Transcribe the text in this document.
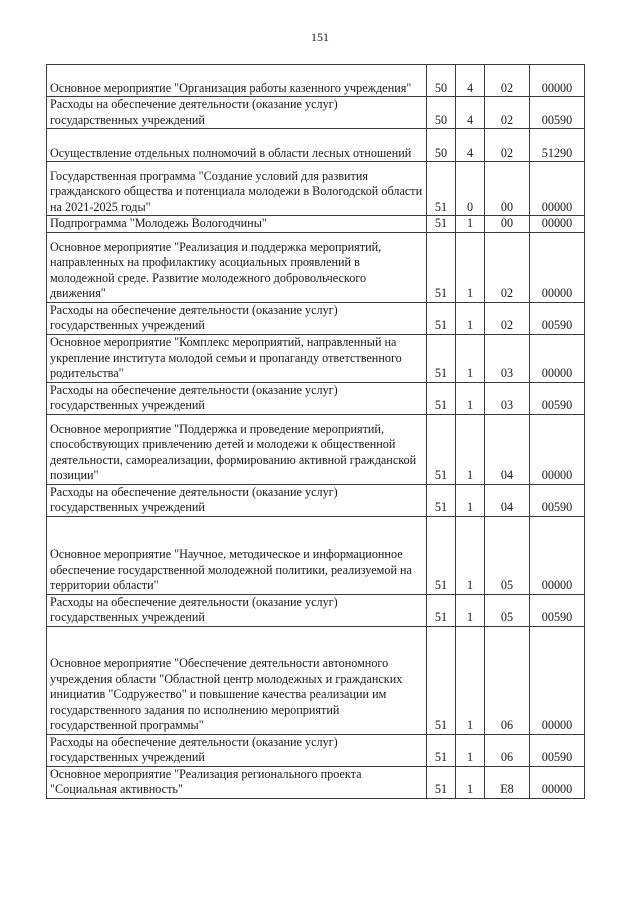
151
Основное мероприятие "Организация работы казенного учреждения"	50	4	02	00000
Расходы на обеспечение деятельности (оказание услуг) государственных учреждений	50	4	02	00590
Осуществление отдельных полномочий в области лесных отношений	50	4	02	51290
Государственная программа "Создание условий для развития гражданского общества и потенциала молодежи в Вологодской области на 2021-2025 годы"	51	0	00	00000
Подпрограмма "Молодежь Вологодчины"	51	1	00	00000
Основное мероприятие "Реализация и поддержка мероприятий, направленных на профилактику асоциальных проявлений в молодежной среде. Развитие молодежного добровольческого движения"	51	1	02	00000
Расходы на обеспечение деятельности (оказание услуг) государственных учреждений	51	1	02	00590
Основное мероприятие "Комплекс мероприятий, направленный на укрепление института молодой семьи и пропаганду ответственного родительства"	51	1	03	00000
Расходы на обеспечение деятельности (оказание услуг) государственных учреждений	51	1	03	00590
Основное мероприятие "Поддержка и проведение мероприятий, способствующих привлечению детей и молодежи к общественной деятельности, самореализации, формированию активной гражданской позиции"	51	1	04	00000
Расходы на обеспечение деятельности (оказание услуг) государственных учреждений	51	1	04	00590
Основное мероприятие "Научное, методическое и информационное обеспечение государственной молодежной политики, реализуемой на территории области"	51	1	05	00000
Расходы на обеспечение деятельности (оказание услуг) государственных учреждений	51	1	05	00590
Основное мероприятие "Обеспечение деятельности автономного учреждения области "Областной центр молодежных и гражданских инициатив "Содружество" и повышение качества реализации им государственного задания по исполнению мероприятий государственной программы"	51	1	06	00000
Расходы на обеспечение деятельности (оказание услуг) государственных учреждений	51	1	06	00590
Основное мероприятие "Реализация регионального проекта "Социальная активность"	51	1	Е8	00000
